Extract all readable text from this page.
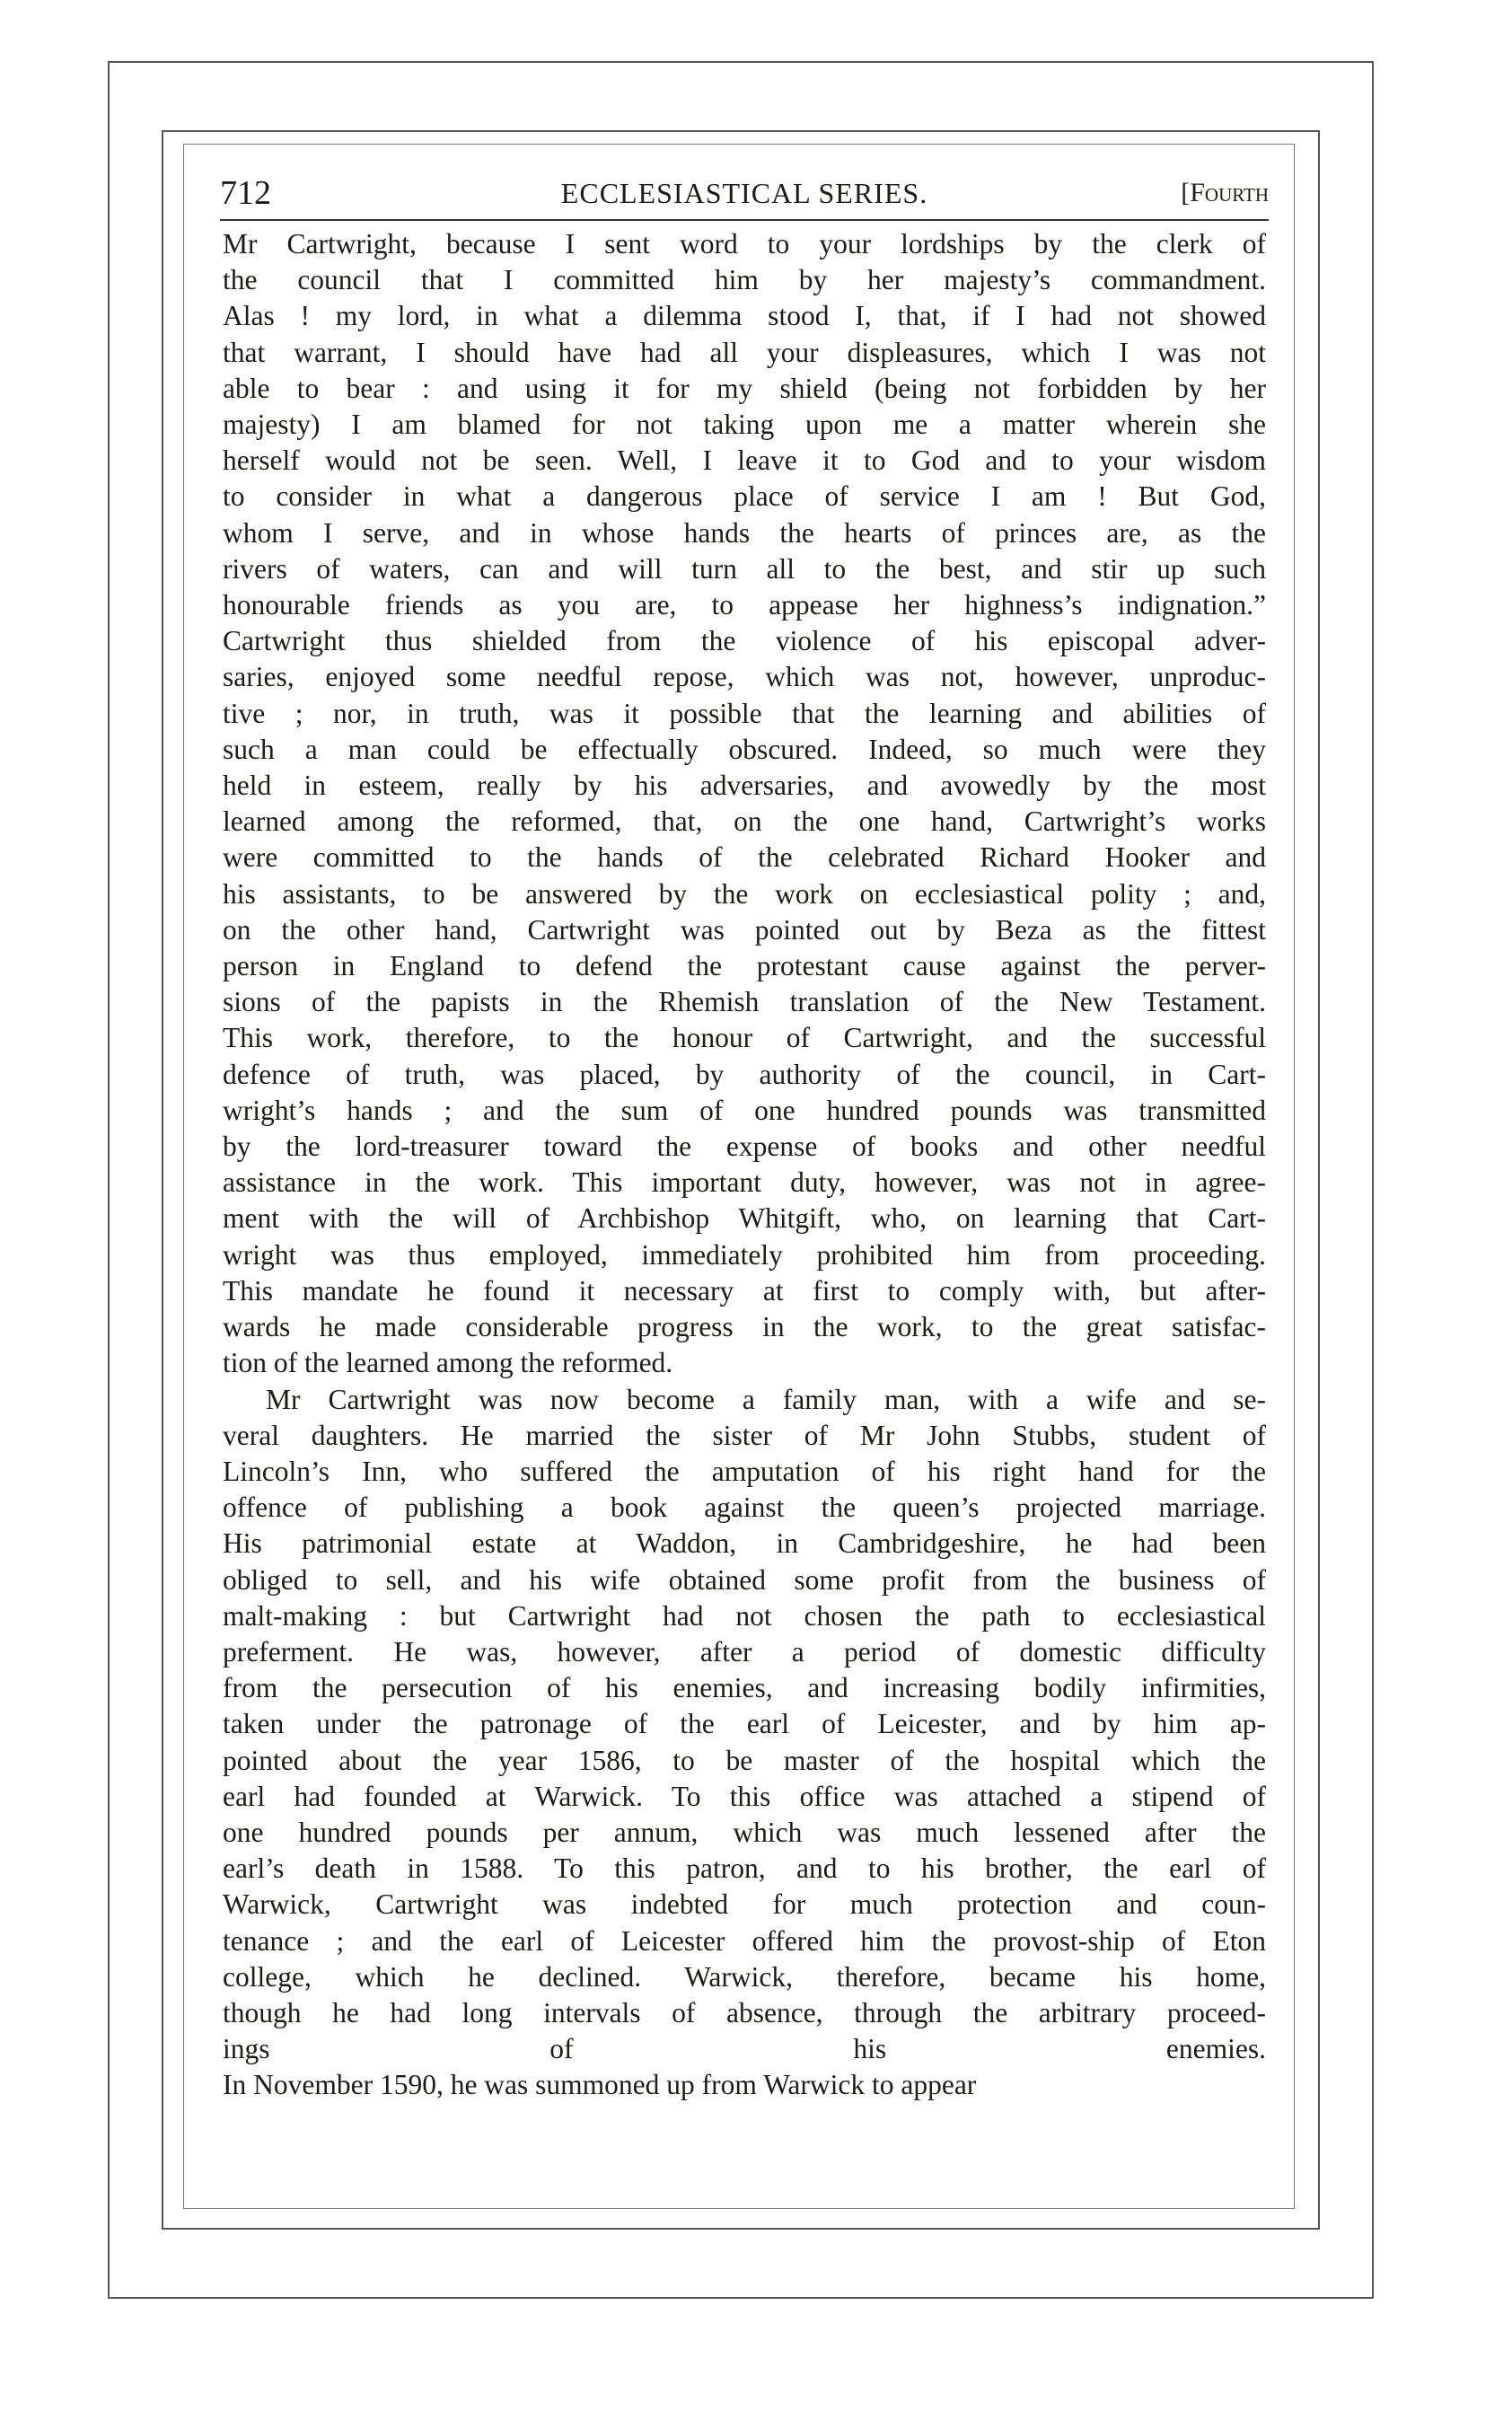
712	ECCLESIASTICAL SERIES.	[Fourth
Mr Cartwright, because I sent word to your lordships by the clerk of
the council that I committed him by her majesty’s commandment.
Alas ! my lord, in what a dilemma stood I, that, if I had not showed
that warrant, I should have had all your displeasures, which I was not
able to bear : and using it for my shield (being not forbidden by her
majesty) I am blamed for not taking upon me a matter wherein she
herself would not be seen. Well, I leave it to God and to your wisdom
to consider in what a dangerous place of service I am ! But God,
whom I serve, and in whose hands the hearts of princes are, as the
rivers of waters, can and will turn all to the best, and stir up such
honourable friends as you are, to appease her highness’s indignation.”
Cartwright thus shielded from the violence of his episcopal adver-
saries, enjoyed some needful repose, which was not, however, unproduc-
tive ; nor, in truth, was it possible that the learning and abilities of
such a man could be effectually obscured. Indeed, so much were they
held in esteem, really by his adversaries, and avowedly by the most
learned among the reformed, that, on the one hand, Cartwright’s works
were committed to the hands of the celebrated Richard Hooker and
his assistants, to be answered by the work on ecclesiastical polity ; and,
on the other hand, Cartwright was pointed out by Beza as the fittest
person in England to defend the protestant cause against the perver-
sions of the papists in the Rhemish translation of the New Testament.
This work, therefore, to the honour of Cartwright, and the successful
defence of truth, was placed, by authority of the council, in Cart-
wright’s hands ; and the sum of one hundred pounds was transmitted
by the lord-treasurer toward the expense of books and other needful
assistance in the work. This important duty, however, was not in agree-
ment with the will of Archbishop Whitgift, who, on learning that Cart-
wright was thus employed, immediately prohibited him from proceeding.
This mandate he found it necessary at first to comply with, but after-
wards he made considerable progress in the work, to the great satisfac-
tion of the learned among the reformed.
Mr Cartwright was now become a family man, with a wife and se-
veral daughters. He married the sister of Mr John Stubbs, student of
Lincoln’s Inn, who suffered the amputation of his right hand for the
offence of publishing a book against the queen’s projected marriage.
His patrimonial estate at Waddon, in Cambridgeshire, he had been
obliged to sell, and his wife obtained some profit from the business of
malt-making : but Cartwright had not chosen the path to ecclesiastical
preferment. He was, however, after a period of domestic difficulty
from the persecution of his enemies, and increasing bodily infirmities,
taken under the patronage of the earl of Leicester, and by him ap-
pointed about the year 1586, to be master of the hospital which the
earl had founded at Warwick. To this office was attached a stipend of
one hundred pounds per annum, which was much lessened after the
earl’s death in 1588. To this patron, and to his brother, the earl of
Warwick, Cartwright was indebted for much protection and coun-
tenance ; and the earl of Leicester offered him the provost-ship of Eton
college, which he declined. Warwick, therefore, became his home,
though he had long intervals of absence, through the arbitrary proceed-
ings of his enemies.
In November 1590, he was summoned up from Warwick to appear
